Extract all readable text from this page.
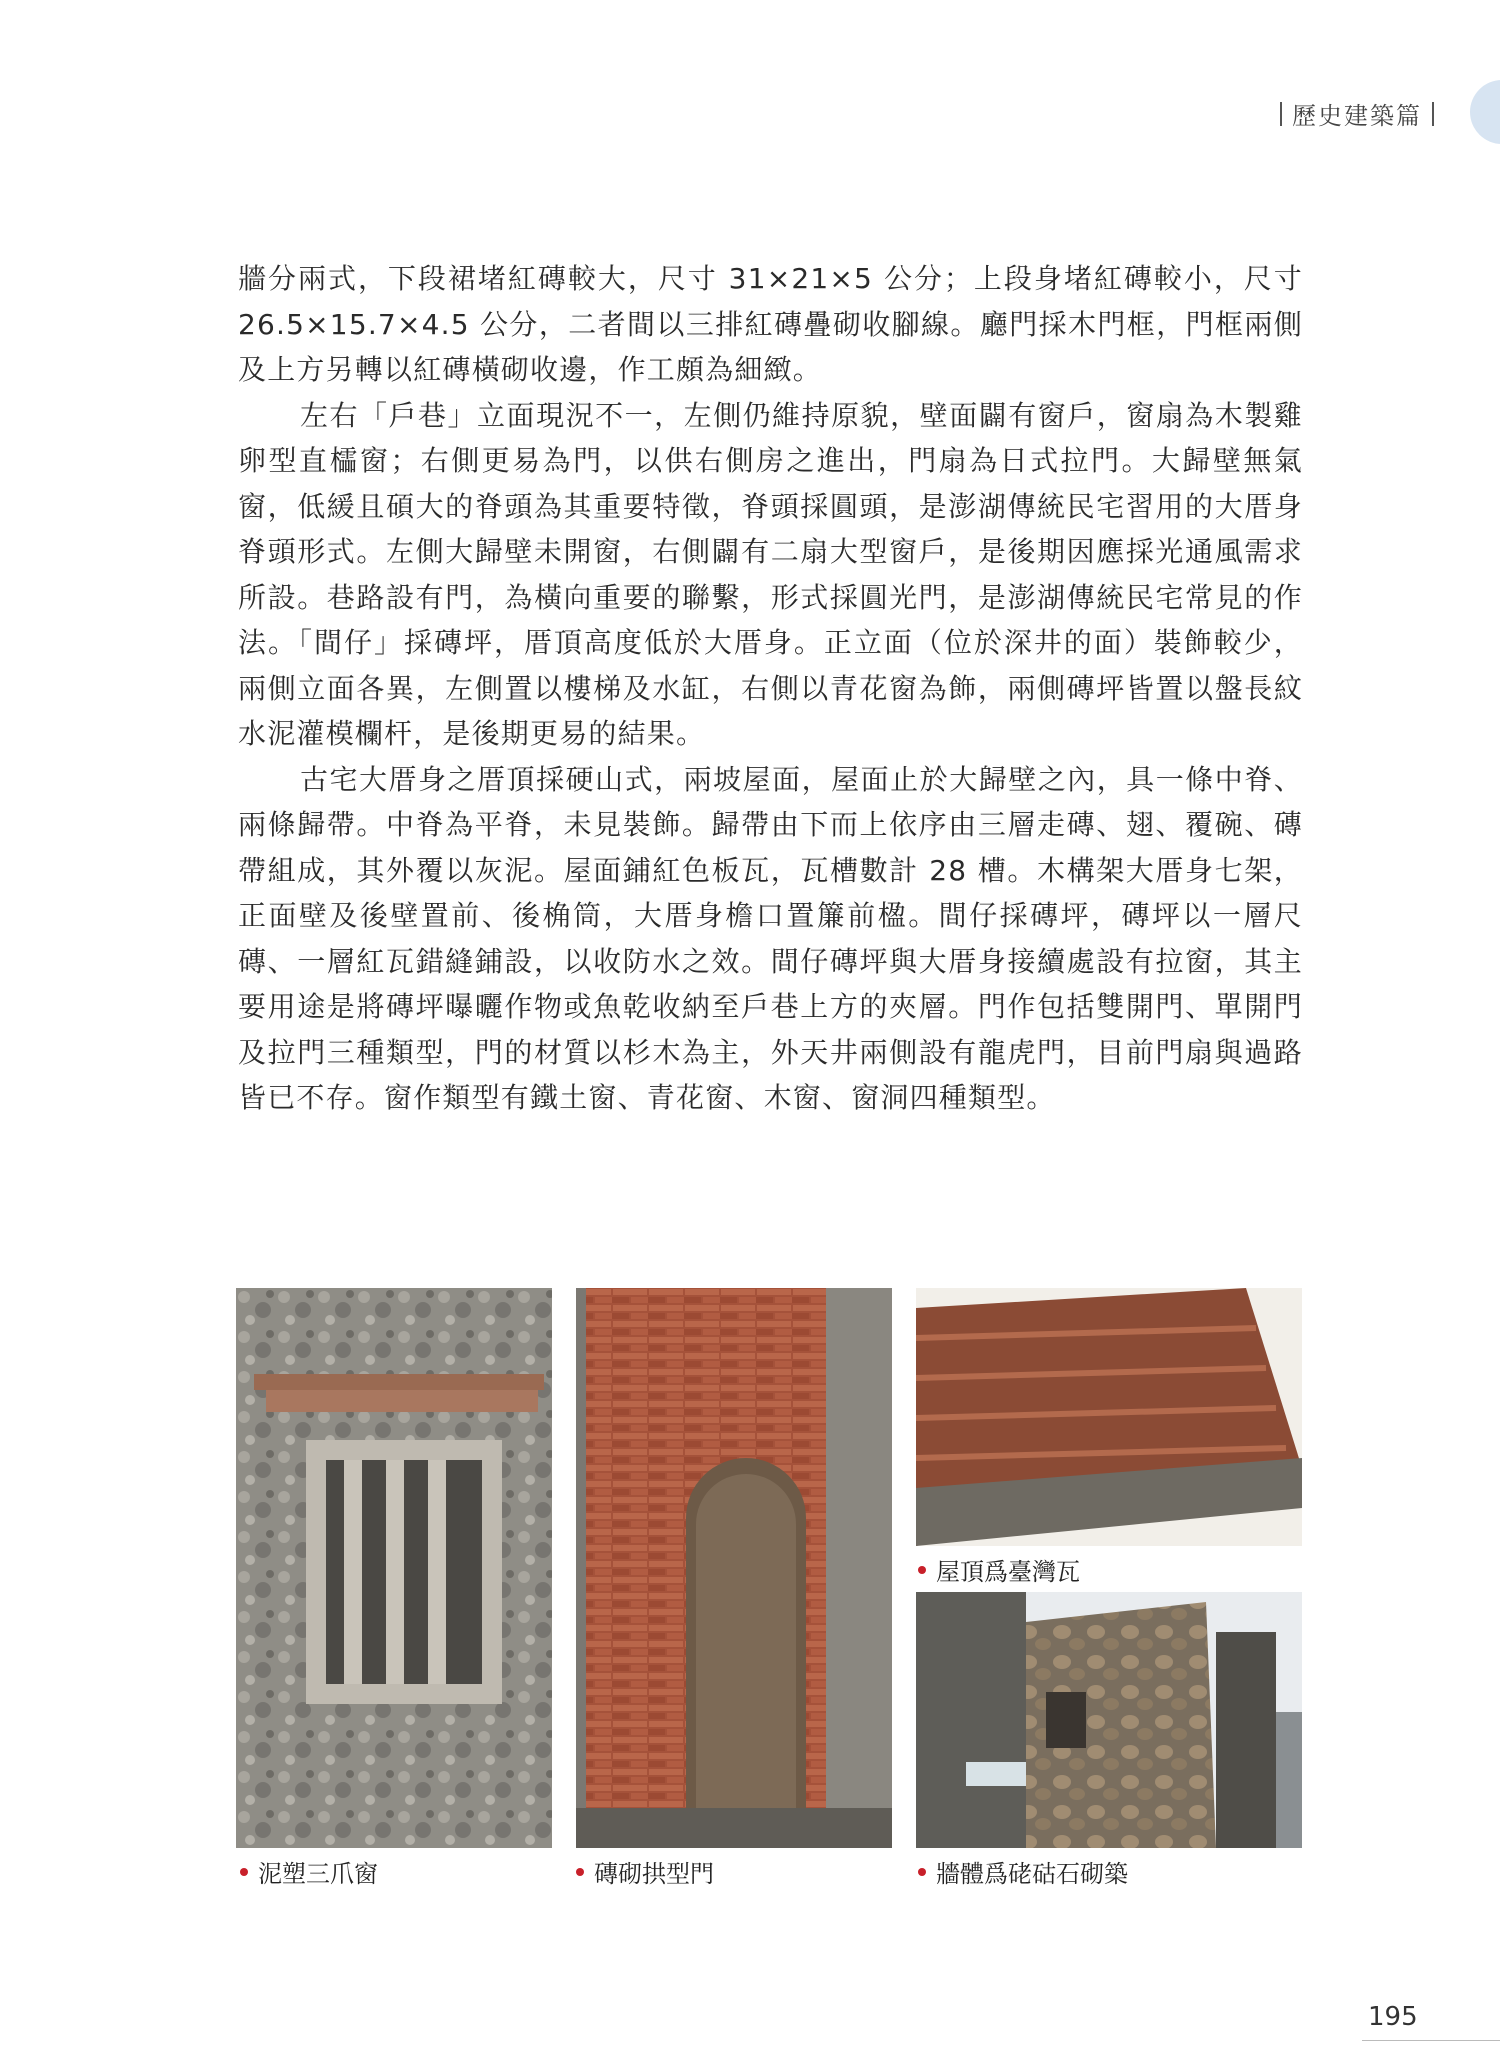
歷史建築篇

牆分兩式，下段裙堵紅磚較大，尺寸 31×21×5 公分；上段身堵紅磚較小，尺寸 26.5×15.7×4.5 公分，二者間以三排紅磚疊砌收腳線。廳門採木門框，門框兩側及上方另轉以紅磚橫砌收邊，作工頗為細緻。

左右「戶巷」立面現況不一，左側仍維持原貌，壁面闢有窗戶，窗扇為木製雞卵型直櫺窗；右側更易為門，以供右側房之進出，門扇為日式拉門。大歸壁無氣窗，低緩且碩大的脊頭為其重要特徵，脊頭採圓頭，是澎湖傳統民宅習用的大厝身脊頭形式。左側大歸壁未開窗，右側闢有二扇大型窗戶，是後期因應採光通風需求所設。巷路設有門，為橫向重要的聯繫，形式採圓光門，是澎湖傳統民宅常見的作法。「間仔」採磚坪，厝頂高度低於大厝身。正立面（位於深井的面）裝飾較少，兩側立面各異，左側置以樓梯及水缸，右側以青花窗為飾，兩側磚坪皆置以盤長紋水泥灌模欄杆，是後期更易的結果。

古宅大厝身之厝頂採硬山式，兩坡屋面，屋面止於大歸壁之內，具一條中脊、兩條歸帶。中脊為平脊，未見裝飾。歸帶由下而上依序由三層走磚、翅、覆碗、磚帶組成，其外覆以灰泥。屋面鋪紅色板瓦，瓦槽數計 28 槽。木構架大厝身七架，正面壁及後壁置前、後桷筒，大厝身檐口置簾前楹。間仔採磚坪，磚坪以一層尺磚、一層紅瓦錯縫鋪設，以收防水之效。間仔磚坪與大厝身接續處設有拉窗，其主要用途是將磚坪曝曬作物或魚乾收納至戶巷上方的夾層。門作包括雙開門、單開門及拉門三種類型，門的材質以杉木為主，外天井兩側設有龍虎門，目前門扇與過路皆已不存。窗作類型有鐵土窗、青花窗、木窗、窗洞四種類型。

泥塑三爪窗	磚砌拱型門
屋頂爲臺灣瓦
牆體爲硓𥑮石砌築
195
